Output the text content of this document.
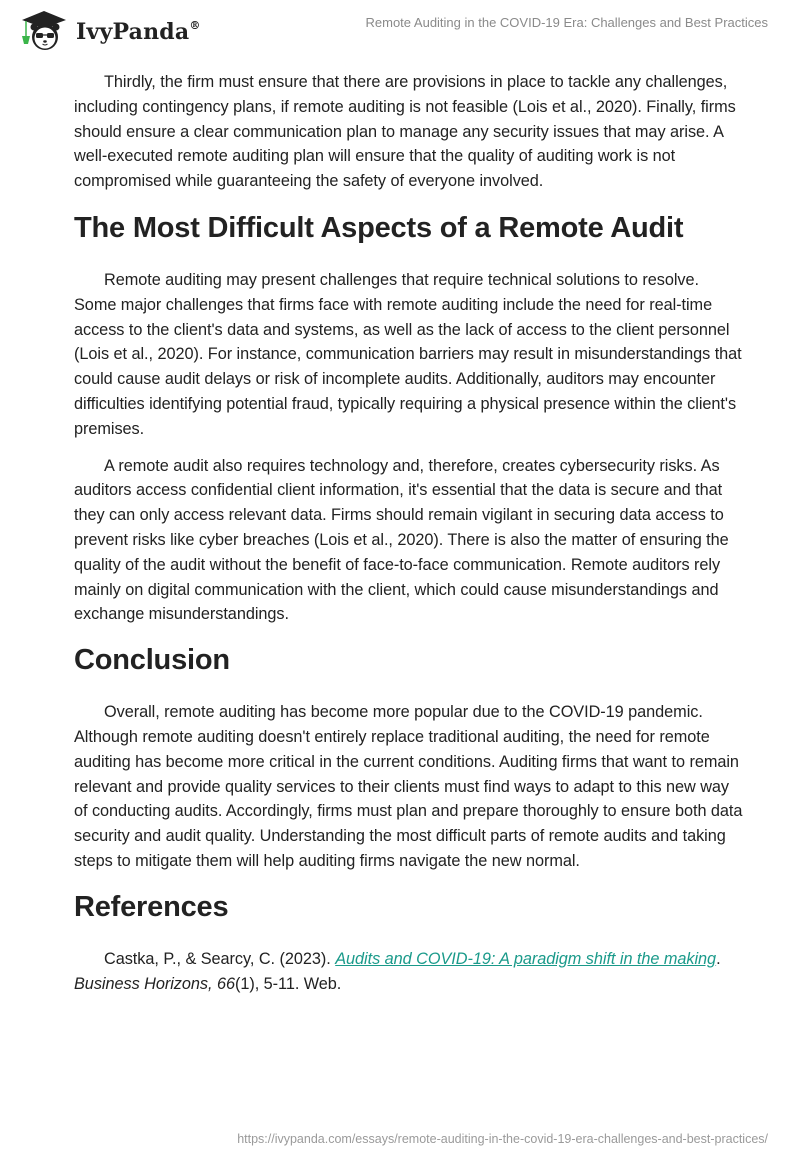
IvyPanda®	Remote Auditing in the COVID-19 Era: Challenges and Best Practices

Thirdly, the firm must ensure that there are provisions in place to tackle any challenges, including contingency plans, if remote auditing is not feasible (Lois et al., 2020). Finally, firms should ensure a clear communication plan to manage any security issues that may arise. A well-executed remote auditing plan will ensure that the quality of auditing work is not compromised while guaranteeing the safety of everyone involved.

The Most Difficult Aspects of a Remote Audit

Remote auditing may present challenges that require technical solutions to resolve. Some major challenges that firms face with remote auditing include the need for real-time access to the client's data and systems, as well as the lack of access to the client personnel (Lois et al., 2020). For instance, communication barriers may result in misunderstandings that could cause audit delays or risk of incomplete audits. Additionally, auditors may encounter difficulties identifying potential fraud, typically requiring a physical presence within the client's premises.

A remote audit also requires technology and, therefore, creates cybersecurity risks. As auditors access confidential client information, it's essential that the data is secure and that they can only access relevant data. Firms should remain vigilant in securing data access to prevent risks like cyber breaches (Lois et al., 2020). There is also the matter of ensuring the quality of the audit without the benefit of face-to-face communication. Remote auditors rely mainly on digital communication with the client, which could cause misunderstandings and exchange misunderstandings.

Conclusion

Overall, remote auditing has become more popular due to the COVID-19 pandemic. Although remote auditing doesn't entirely replace traditional auditing, the need for remote auditing has become more critical in the current conditions. Auditing firms that want to remain relevant and provide quality services to their clients must find ways to adapt to this new way of conducting audits. Accordingly, firms must plan and prepare thoroughly to ensure both data security and audit quality. Understanding the most difficult parts of remote audits and taking steps to mitigate them will help auditing firms navigate the new normal.

References

Castka, P., & Searcy, C. (2023). Audits and COVID-19: A paradigm shift in the making. Business Horizons, 66(1), 5-11. Web.

https://ivypanda.com/essays/remote-auditing-in-the-covid-19-era-challenges-and-best-practices/
